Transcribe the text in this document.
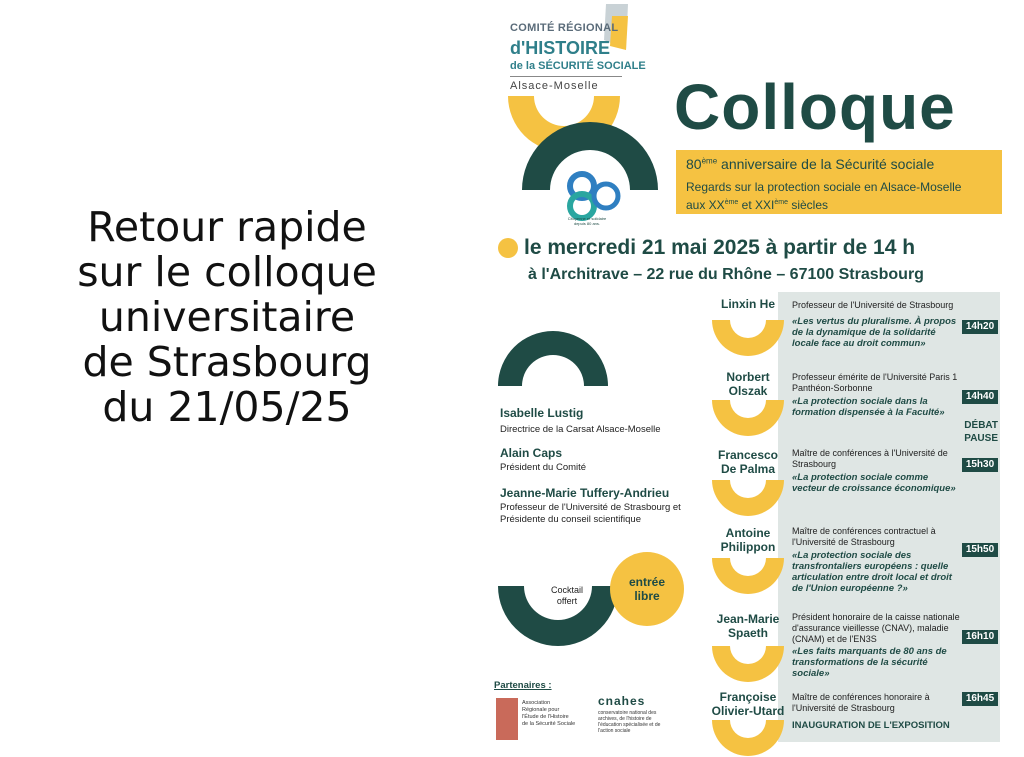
Retour rapide
sur le colloque
universitaire
de Strasbourg
du 21/05/25
COMITÉ RÉGIONAL
d'HISTOIRE
de la SÉCURITÉ SOCIALE
Alsace-Moselle
Citoyenne et solidaire depuis 80 ans.
Colloque
80ème anniversaire de la Sécurité sociale
Regards sur la protection sociale en Alsace-Moselle
aux XXème et XXIème siècles
le mercredi 21 mai 2025 à partir de 14 h
à l'Architrave – 22 rue du Rhône – 67100 Strasbourg
Isabelle Lustig
Directrice de la Carsat Alsace-Moselle
Alain Caps
Président du Comité
Jeanne-Marie Tuffery-Andrieu
Professeur de l'Université de Strasbourg et Présidente du conseil scientifique
Cocktail offert
entrée
libre
Partenaires :
Association Régionale pour l'Étude de l'Histoire de la Sécurité Sociale
cnahes
conservatoire national des archives, de l'histoire de l'éducation spécialisée et de l'action sociale
Linxin He	Professeur de l'Université de Strasbourg
«Les vertus du pluralisme. À propos de la dynamique de la solidarité locale face au droit commun»
14h20
Norbert Olszak
Professeur émérite de l'Université Paris 1 Panthéon-Sorbonne
«La protection sociale dans la formation dispensée à la Faculté»
14h40
DÉBAT
PAUSE
Francesco De Palma
Maître de conférences à l'Université de Strasbourg
«La protection sociale comme vecteur de croissance économique»
15h30
Antoine Philippon
Maître de conférences contractuel à l'Université de Strasbourg
«La protection sociale des transfrontaliers européens : quelle articulation entre droit local et droit de l'Union européenne ?»
15h50
Jean-Marie Spaeth
Président honoraire de la caisse nationale d'assurance vieillesse (CNAV), maladie (CNAM) et de l'EN3S
«Les faits marquants de 80 ans de transformations de la sécurité sociale»
16h10
Françoise Olivier-Utard
Maître de conférences honoraire à l'Université de Strasbourg
16h45
INAUGURATION DE L'EXPOSITION
